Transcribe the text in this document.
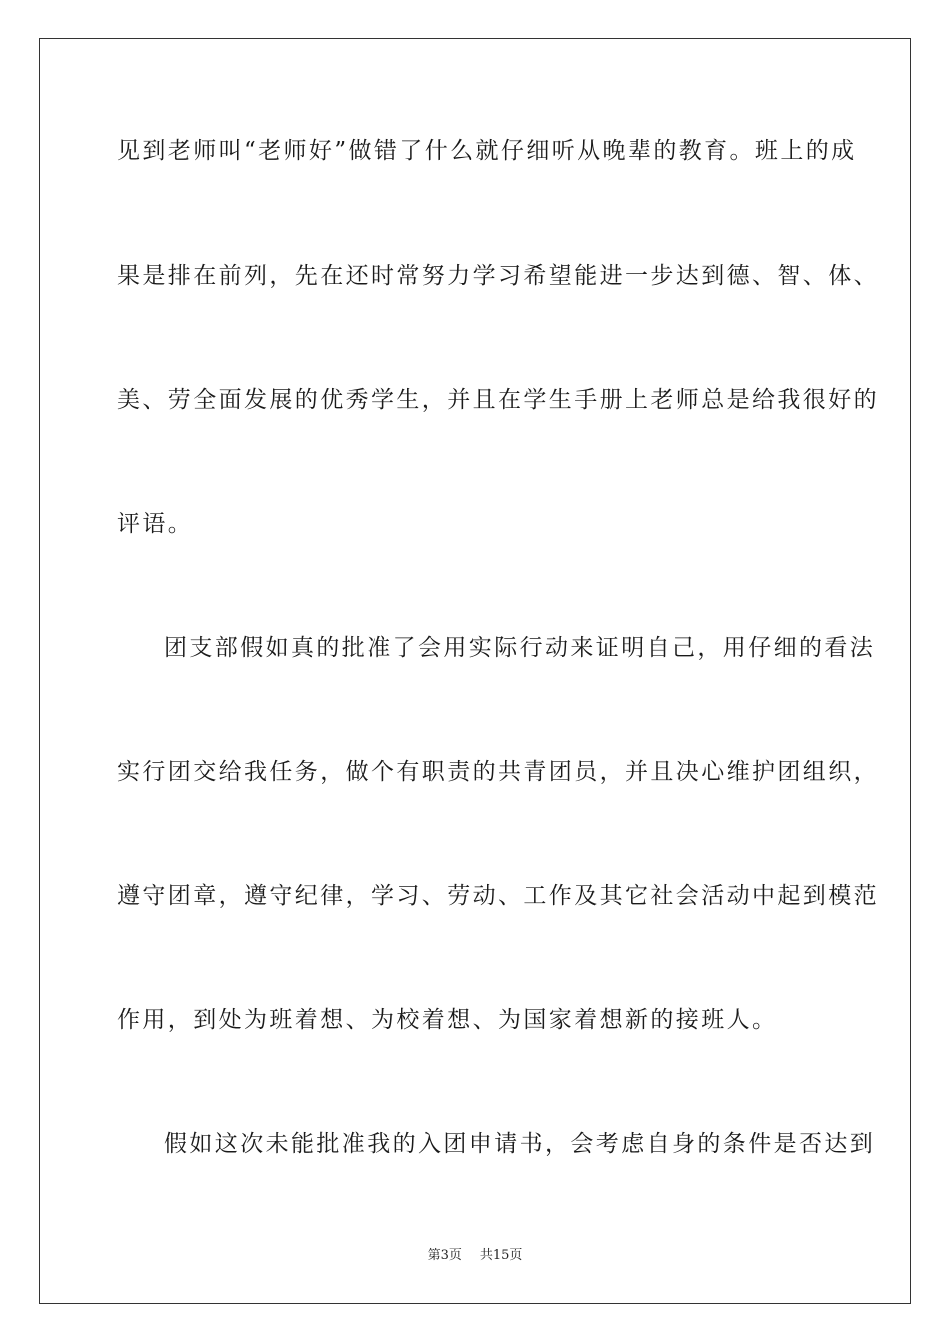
见到老师叫“老师好”做错了什么就仔细听从晚辈的教育。班上的成

果是排在前列，先在还时常努力学习希望能进一步达到德、智、体、

美、劳全面发展的优秀学生，并且在学生手册上老师总是给我很好的

评语。

团支部假如真的批准了会用实际行动来证明自己，用仔细的看法

实行团交给我任务，做个有职责的共青团员，并且决心维护团组织，

遵守团章，遵守纪律，学习、劳动、工作及其它社会活动中起到模范

作用，到处为班着想、为校着想、为国家着想新的接班人。

假如这次未能批准我的入团申请书，会考虑自身的条件是否达到

第3页 共15页
